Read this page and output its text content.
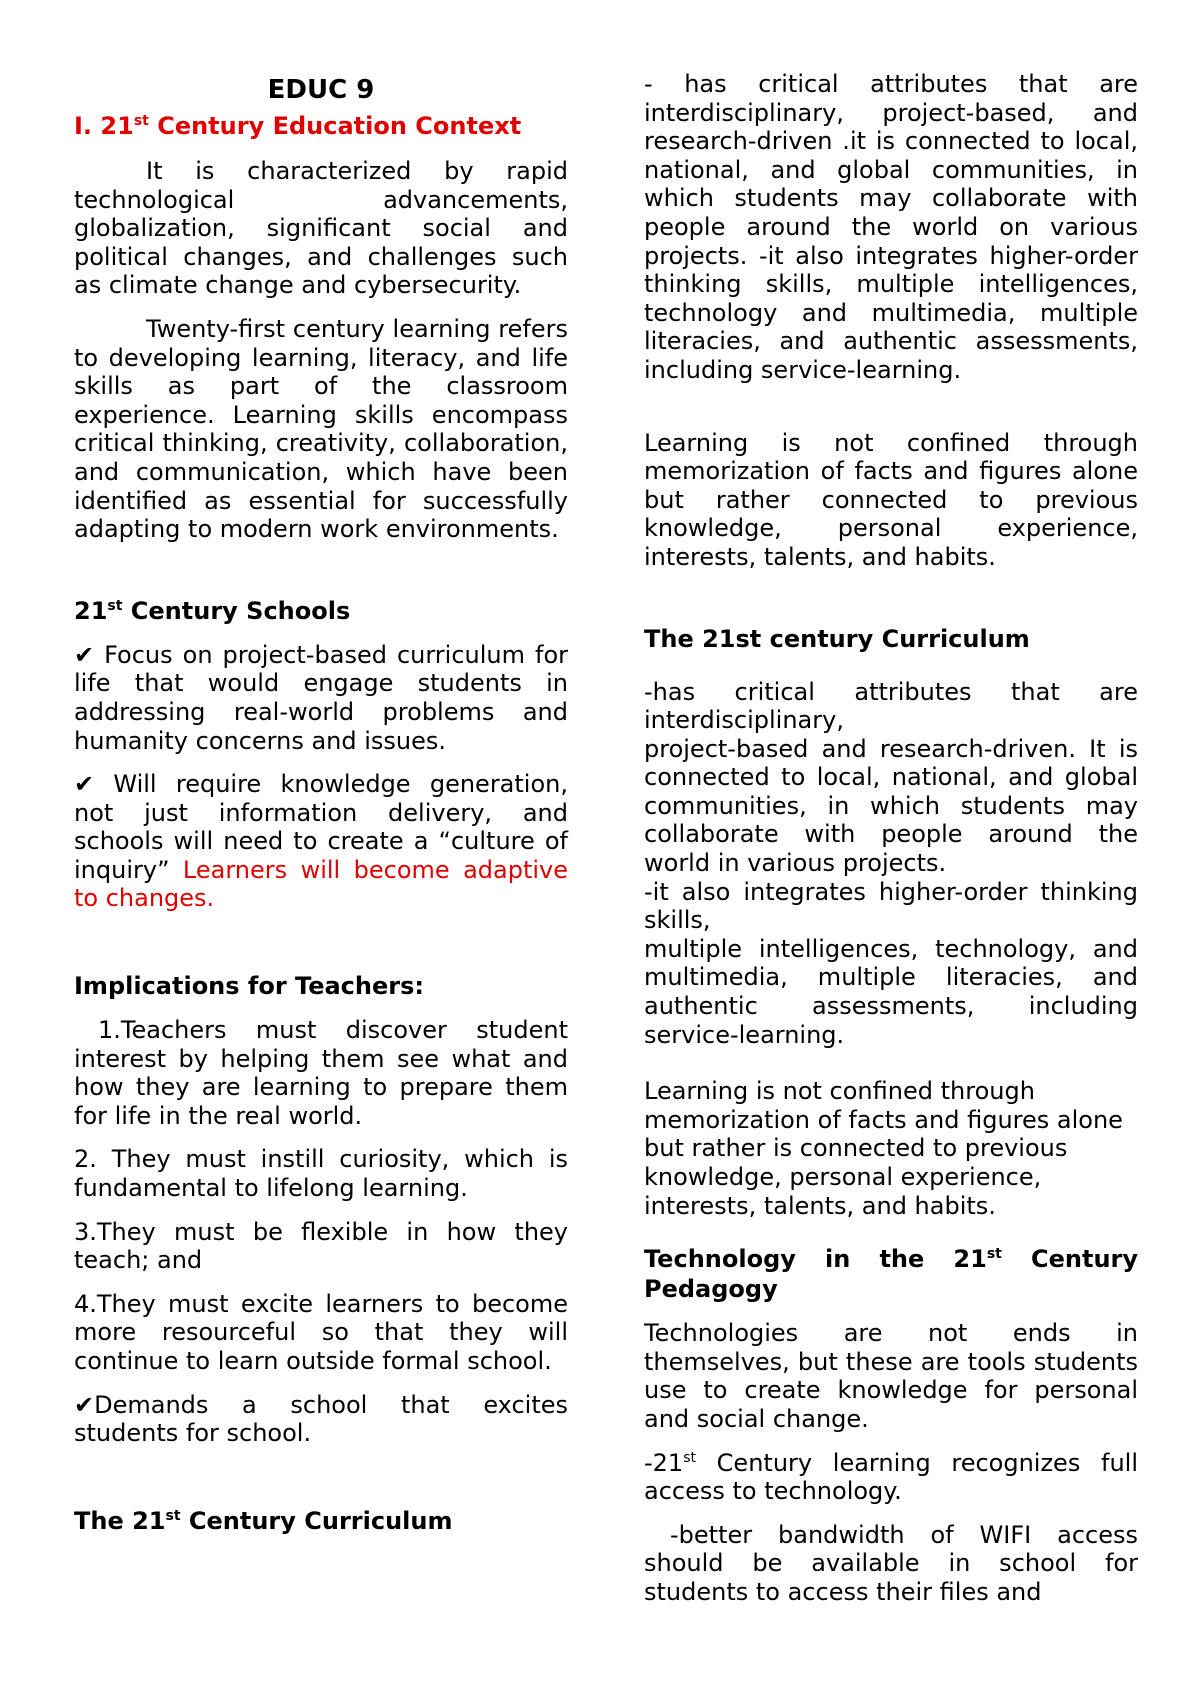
EDUC 9

I. 21st Century Education Context

It is characterized by rapid technological advancements, globalization, significant social and political changes, and challenges such as climate change and cybersecurity.

Twenty-first century learning refers to developing learning, literacy, and life skills as part of the classroom experience. Learning skills encompass critical thinking, creativity, collaboration, and communication, which have been identified as essential for successfully adapting to modern work environments.

21st Century Schools

✔ Focus on project-based curriculum for life that would engage students in addressing real-world problems and humanity concerns and issues.

✔ Will require knowledge generation, not just information delivery, and schools will need to create a “culture of inquiry” Learners will become adaptive to changes.

Implications for Teachers:

1.Teachers must discover student interest by helping them see what and how they are learning to prepare them for life in the real world.

2. They must instill curiosity, which is fundamental to lifelong learning.

3.They must be flexible in how they teach; and

4.They must excite learners to become more resourceful so that they will continue to learn outside formal school.

✔Demands a school that excites students for school.

The 21st Century Curriculum

- has critical attributes that are interdisciplinary, project-based, and research-driven .it is connected to local, national, and global communities, in which students may collaborate with people around the world on various projects. -it also integrates higher-order thinking skills, multiple intelligences, technology and multimedia, multiple literacies, and authentic assessments, including service-learning.

Learning is not confined through memorization of facts and figures alone but rather connected to previous knowledge, personal experience, interests, talents, and habits.

The 21st century Curriculum

-has critical attributes that are interdisciplinary,

project-based and research-driven. It is connected to local, national, and global communities, in which students may collaborate with people around the world in various projects.

-it also integrates higher-order thinking skills,

multiple intelligences, technology, and multimedia, multiple literacies, and authentic assessments, including service-learning.

Learning is not confined through

memorization of facts and figures alone

but rather is connected to previous

knowledge, personal experience,

interests, talents, and habits.

Technology in the 21st Century Pedagogy

Technologies are not ends in themselves, but these are tools students use to create knowledge for personal and social change.

-21st Century learning recognizes full access to technology.

-better bandwidth of WIFI access should be available in school for students to access their files and
